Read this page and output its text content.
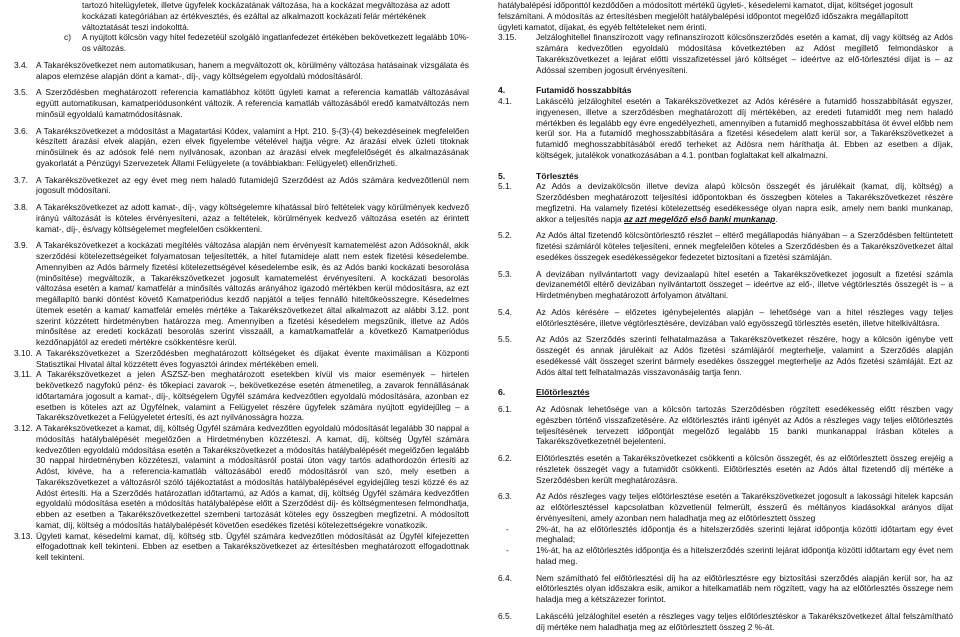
tartozó hitelügyletek, illetve ügyfelek kockázatának változása, ha a kockázat megváltozása az adott

kockázati kategóriában az értékvesztés, és ezáltal az alkalmazott kockázati felár mértékének

változtatását teszi indokolttá.

c)	A nyújtott kölcsön vagy hitel fedezetéül szolgáló ingatlanfedezet értékében bekövetkezett legalább 10%-os változás.
3.4. A Takarékszövetkezet nem automatikusan, hanem a megváltozott ok, körülmény változása hatásainak vizsgálata és alapos elemzése alapján dönt a kamat-, díj-, vagy költségelem egyoldalú módosításáról.
3.5. A Szerződésben meghatározott referencia kamatlábhoz kötött ügyleti kamat a referencia kamatláb változásával együtt automatikusan, kamatperiódusonként változik. A referencia kamatláb változásából eredő kamatváltozás nem minősül egyoldalú kamatmódosításnak.
3.6. A Takarékszövetkezet a módosítást a Magatartási Kódex, valamint a Hpt. 210. §-(3)-(4) bekezdéseinek megfelelően készített árazási elvek alapján, ezen elvek figyelembe vételével hajtja végre. Az árazási elvek üzleti titoknak minősülnek és az adósok felé nem nyilvánosak, azonban az árazási elvek megfelelőségét és alkalmazásának gyakorlatát a Pénzügyi Szervezetek Állami Felügyelete (a továbbiakban: Felügyelet) ellenőrizheti.
3.7. A Takarékszövetkezet az egy évet meg nem haladó futamidejű Szerződést az Adós számára kedvezőtlenül nem jogosult módosítani.
3.8. A Takarékszövetkezet az adott kamat-, díj-, vagy költségelemre kihatással bíró feltételek vagy körülmények kedvező irányú változását is köteles érvényesíteni, azaz a feltételek, körülmények kedvező változása esetén az érintett kamat-, díj-, és/vagy költségelemet megfelelően csökkenteni.
3.9. A Takarékszövetkezet a kockázati megítélés változása alapján nem érvényesít kamatemelést azon Adósoknál, akik szerződési kötelezettségeiket folyamatosan teljesítették, a hitel futamideje alatt nem estek fizetési késedelembe. Amennyiben az Adós bármely fizetési kötelezettségével késedelembe esik, és az Adós banki kockázati besorolása (minősítése) megváltozik, a Takarékszövetkezet jogosult kamatemelést érvényesíteni. A kockázati besorolás változása esetén a kamat/ kamatfelár a minősítés változás arányához igazodó mértékben kerül módosításra, az ezt megállapító banki döntést követő Kamatperiódus kezdő napjától a teljes fennálló hiteltőkeösszegre. Késedelmes ütemek esetén a kamat/ kamatfelár emelés mértéke a Takarékszövetkezet által alkalmazott az alábbi 3.12. pont szerint közzétett hirdetményben határozza meg. Amennyiben a fizetési késedelem megszűnik, illetve az Adós minősítése az eredeti kockázati besorolás szerint visszaáll, a kamat/kamatfelár a következő Kamatperiódus kezdőnapjától az eredeti mértékre csökkentésre kerül.
3.10. A Takarékszövetkezet a Szerződésben meghatározott költségeket és díjakat évente maximálisan a Központi Statisztikai Hivatal által közzétett éves fogyasztói árindex mértékében emeli.
3.11. A Takarékszövetkezet a jelen ÁSZSZ-ben meghatározott esetekben kívül vis maior események – hirtelen bekövetkező nagyfokú pénz- és tőkepiaci zavarok –, bekövetkezése esetén átmenetileg, a zavarok fennállásának időtartamára jogosult a kamat-, díj-, költségelem Ügyfél számára kedvezőtlen egyoldalú módosítására, azonban ez esetben is köteles azt az Ügyfélnek, valamint a Felügyelet részére ügyfelek számára nyújtott egyidejűleg – a Takarékszövetkezet a Felügyeletet értesíti, és azt nyilvánosságra hozza.
3.12. A Takarékszövetkezet a kamat, díj, költség Ügyfél számára kedvezőtlen egyoldalú módosítását legalább 30 nappal a módosítás hatálybalépését megelőzően a Hirdetményben közzéteszi. A kamat, díj, költség Ügyfél számára kedvezőtlen egyoldalú módosítása esetén a Takarékszövetkezet a módosítás hatálybalépését megelőzően legalább 30 nappal hirdetményben közzéteszi, valamint a módosításról postai úton vagy tartós adathordozón értesíti az Adóst, kivéve, ha a referencia-kamatláb változásából eredő módosításról van szó, mely esetben a Takarékszövetkezet a változásról szóló tájékoztatást a módosítás hatálybalépésével egyidejűleg teszi közzé és az Adóst értesíti. Ha a Szerződés határozatlan időtartamú, az Adós a kamat, díj, költség Ügyfél számára kedvezőtlen egyoldalú módosítása esetén a módosítás hatálybalépése előtt a Szerződést díj- és költségmentesen felmondhatja, ebben az esetben a Takarékszövetkezettel szembeni tartozását köteles egy összegben megfizetni. A módosított kamat, díj, költség a módosítás hatálybalépését követően esedékes fizetési kötelezettségekre vonatkozik.
3.13. Ügyleti kamat, késedelmi kamat, díj, költség stb. Ügyfél számára kedvezőtlen módosítását az Ügyfél kifejezetten elfogadottnak kell tekinteni. Ebben az esetben a Takarékszövetkezet az értesítésben meghatározott elfogadottnak kell tekinteni.

hatálybalépési időponttól kezdődően a módosított mértékű ügyleti-, késedelemi kamatot, díjat, költséget jogosult

felszámítani. A módosítás az értesítésben megjelölt hatálybalépési időpontot megelőző időszakra megállapított

ügyleti kamatot, díjakat, és egyéb feltételeket nem érinti.

3.15.	Jelzáloghitellel finanszírozott vagy refinanszírozott kölcsönszerződés esetén a kamat, díj vagy költség az Adós számára kedvezőtlen egyoldalú módosítása következtében az Adóst megillető felmondáskor a Takarékszövetkezet a lejárat előtti visszafizetéssel járó költséget – ideértve az elő-törlesztési díjat is – az Adóssal szemben jogosult érvényesíteni.
4.	Futamidő hosszabbítás
4.1.	Lakáscélú jelzáloghitel esetén a Takarékszövetkezet az Adós kérésére a futamidő hosszabbítását egyszer, ingyenesen, illetve a szerződésben meghatározott díj mértékében, az eredeti futamidőt meg nem haladó mértékben és legalább egy évre engedélyezheti, amennyiben a futamidő meghosszabbítása öt évvel előbb nem kerül sor. Ha a futamidő meghosszabbítására a fizetési késedelem alatt kerül sor, a Takarékszövetkezet a futamidő meghosszabbításából eredő terheket az Adósra nem háríthatja át. Ebben az esetben a díjak, költségek, jutalékok vonatkozásában a 4.1. pontban foglaltakat kell alkalmazni.
5.	Törlesztés
5.1.	Az Adós a devizakölcsön illetve deviza alapú kölcsön összegét és járulékait (kamat, díj, költség) a Szerződésben meghatározott teljesítési időpontokban és összegben köteles a Takarékszövetkezet részére megfizetni. Ha valamely fizetési kötelezettség esedékessége olyan napra esik, amely nem banki munkanap, akkor a teljesítés napja az azt megelőző első banki munkanap.
5.2.	Az Adós által fizetendő kölcsöntörlesztő részlet – eltérő megállapodás hiányában – a Szerződésben feltüntetett fizetési számláról köteles teljesíteni, ennek megfelelően köteles a Szerződésben és a Takarékszövetkezet által esedékes összegek esedékességekor fedezetet biztosítani a fizetési számláján.
5.3.	A devizában nyilvántartott vagy devizaalapú hitel esetén a Takarékszövetkezet jogosult a fizetési számla devizanemétől eltérő devizában nyilvántartott összeget – ideértve az elő-, illetve végtörlesztés összegét is – a Hirdetményben meghatározott árfolyamon átváltani.
5.4.	Az Adós kérésére – előzetes igénybejelentés alapján – lehetősége van a hitel részleges vagy teljes előtörlesztésére, illetve végtörlesztésére, devizában való egyösszegű törlesztés esetén, illetve hitelkiváltásra.
5.5.	Az Adós az Szerződés szerinti felhatalmazása a Takarékszövetkezet részére, hogy a kölcsön igénybe vett összegét és annak járulékait az Adós fizetési számlájáról megterhelje, valamint a Szerződés alapján esedékessé vált összeget szerint bármely esedékes összeggel megterhelje az Adós fizetési számláját. Ezt az Adós által tett felhatalmazás visszavonásáig tartja fenn.
6.	Előtörlesztés
6.1.	Az Adósnak lehetősége van a kölcsön tartozás Szerződésben rögzített esedékesség előtt részben vagy egészben történő visszafizetésére. Az előtörlesztés iránti igényét az Adós a részleges vagy teljes előtörlesztés teljesítésének tervezett időpontját megelőző legalább 15 banki munkanappal írásban köteles a Takarékszövetkezetnél bejelenteni.
6.2.	Előtörlesztés esetén a Takarékszövetkezet csökkenti a kölcsön összegét, és az előtörlesztett összeg erejéig a részletek összegét vagy a futamidőt csökkenti. Előtörlesztés esetén az Adós által fizetendő díj mértéke a Szerződésben került meghatározásra.
6.3.	Az Adós részleges vagy teljes előtörlesztése esetén a Takarékszövetkezet jogosult a lakossági hitelek kapcsán az előtörlesztéssel kapcsolatban közvetlenül felmerült, ésszerű és méltányos kiadásokkal arányos díjat érvényesíteni, amely azonban nem haladhatja meg az előtörlesztett összeg
-	2%-át, ha az előtörlesztés időpontja és a hitelszerződés szerinti lejárat időpontja közötti időtartam egy évet meghalad;
-	1%-át, ha az előtörlesztés időpontja és a hitelszerződés szerinti lejárat időpontja közötti időtartam egy évet nem halad meg.
6.4.	Nem számítható fel előtörlesztési díj ha az előtörlesztésre egy biztosítási szerződés alapján kerül sor, ha az előtörlesztés olyan időszakra esik, amikor a hitelkamatláb nem rögzített, vagy ha az előtörlesztés összege nem haladja meg a kétszázezer forintot.
6.5.	Lakáscélú jelzáloghitel esetén a részleges vagy teljes előtörlesztéskor a Takarékszövetkezet által felszámítható díj mértéke nem haladhatja meg az előtörlesztett összeg 2 %-át.
